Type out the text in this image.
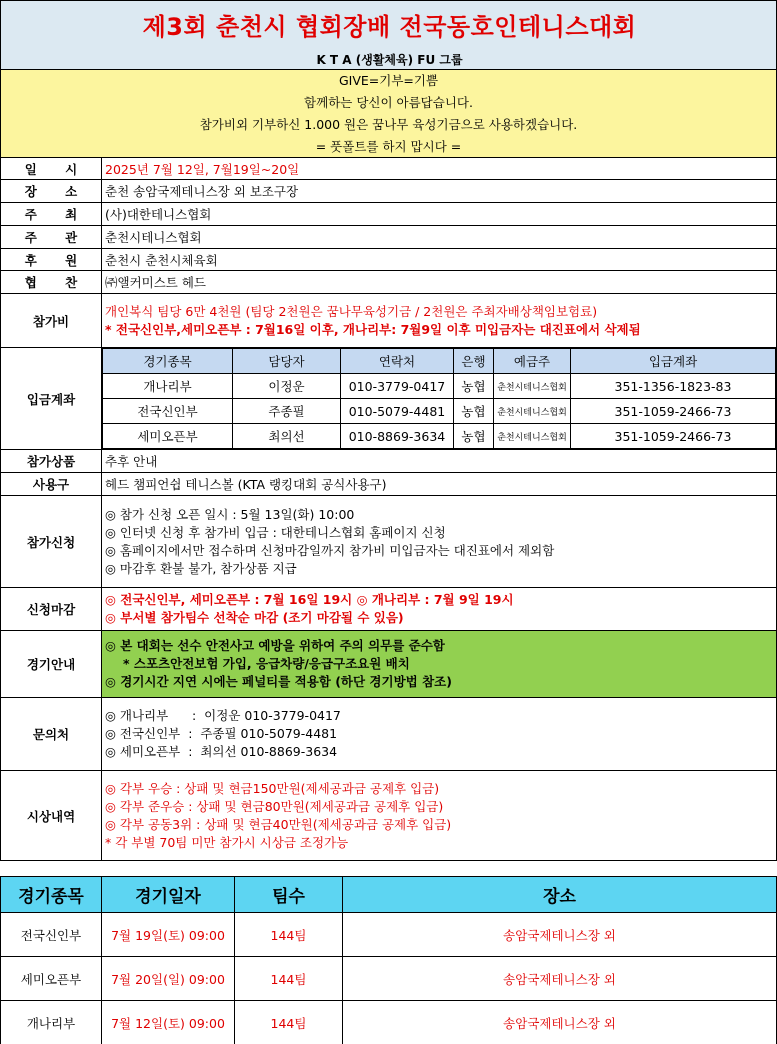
제3회 춘천시 협회장배 전국동호인테니스대회
K T A (생활체육) FU 그룹
GIVE=기부=기쁨
함께하는 당신이 아름답습니다.
참가비외 기부하신 1.000 원은 꿈나무 육성기금으로 사용하겠습니다.
= 풋폴트를 하지 맙시다 =
일 시	2025년 7월 12일, 7월19일~20일
장 소	춘천 송암국제테니스장 외 보조구장
주 최	(사)대한테니스협회
주 관	춘천시테니스협회
후 원	춘천시 춘천시체육회
협 찬	㈜앨커미스트 헤드
참가비	
개인복식 팀당 6만 4천원 (팀당 2천원은 꿈나무육성기금 / 2천원은 주최자배상책임보험료)
* 전국신인부,세미오픈부 : 7월16일 이후, 개나리부: 7월9일 이후 미입금자는 대진표에서 삭제됨

입금계좌	
경기종목	담당자	연락처	은행	예금주	입금계좌
개나리부	이정운	010-3779-0417	농협	춘천시테니스협회	351-1356-1823-83
전국신인부	주종필	010-5079-4481	농협	춘천시테니스협회	351-1059-2466-73
세미오픈부	최의선	010-8869-3634	농협	춘천시테니스협회	351-1059-2466-73

참가상품	추후 안내
사용구	헤드 챔피언쉽 테니스볼 (KTA 랭킹대회 공식사용구)
참가신청	
◎ 참가 신청 오픈 일시 : 5월 13일(화) 10:00
◎ 인터넷 신청 후 참가비 입금 : 대한테니스협회 홈페이지 신청
◎ 홈페이지에서만 접수하며 신청마감일까지 참가비 미입금자는 대진표에서 제외함
◎ 마감후 환불 불가, 참가상품 지급

신청마감	
◎ 전국신인부, 세미오픈부 : 7월 16일 19시 ◎ 개나리부 : 7월 9일 19시
◎ 부서별 참가팀수 선착순 마감 (조기 마감될 수 있음)

경기안내	
◎ 본 대회는 선수 안전사고 예방을 위하여 주의 의무를 준수함
* 스포츠안전보험 가입, 응급차량/응급구조요원 배치
◎ 경기시간 지연 시에는 페널티를 적용함 (하단 경기방법 참조)

문의처	
◎ 개나리부      :  이정운 010-3779-0417
◎ 전국신인부  :  주종필 010-5079-4481
◎ 세미오픈부  :  최의선 010-8869-3634

시상내역	
◎ 각부 우승 : 상패 및 현금150만원(제세공과금 공제후 입금)
◎ 각부 준우승 : 상패 및 현금80만원(제세공과금 공제후 입금)
◎ 각부 공동3위 : 상패 및 현금40만원(제세공과금 공제후 입금)
* 각 부별 70팀 미만 참가시 시상금 조정가능
경기종목	경기일자	팀수	장소
전국신인부	7월 19일(토) 09:00	144팀	송암국제테니스장 외
세미오픈부	7월 20일(일) 09:00	144팀	송암국제테니스장 외
개나리부	7월 12일(토) 09:00	144팀	송암국제테니스장 외
